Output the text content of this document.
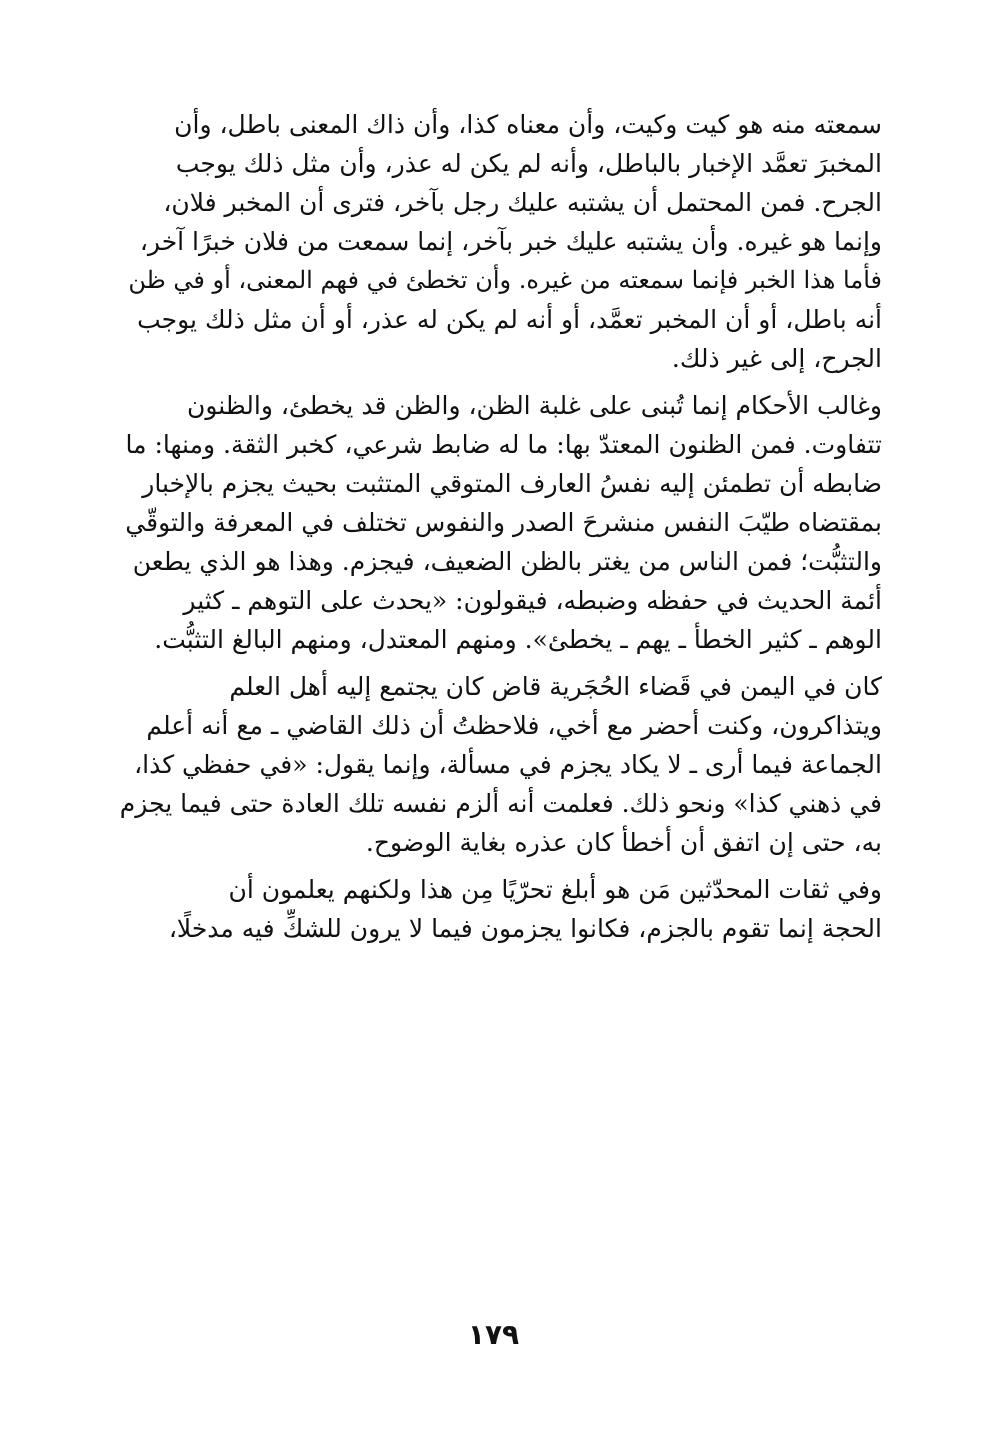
سمعته منه هو كيت وكيت، وأن معناه كذا، وأن ذاك المعنى باطل، وأن
المخبرَ تعمَّد الإخبار بالباطل، وأنه لم يكن له عذر، وأن مثل ذلك يوجب
الجرح. فمن المحتمل أن يشتبه عليك رجل بآخر، فترى أن المخبر فلان،
وإنما هو غيره. وأن يشتبه عليك خبر بآخر، إنما سمعت من فلان خبرًا آخر،
فأما هذا الخبر فإنما سمعته من غيره. وأن تخطئ في فهم المعنى، أو في ظن
أنه باطل، أو أن المخبر تعمَّد، أو أنه لم يكن له عذر، أو أن مثل ذلك يوجب
الجرح، إلى غير ذلك.

وغالب الأحكام إنما تُبنى على غلبة الظن، والظن قد يخطئ، والظنون
تتفاوت. فمن الظنون المعتدّ بها: ما له ضابط شرعي، كخبر الثقة. ومنها: ما
ضابطه أن تطمئن إليه نفسُ العارف المتوقي المتثبت بحيث يجزم بالإخبار
بمقتضاه طيّبَ النفس منشرحَ الصدر والنفوس تختلف في المعرفة والتوقّي
والتثبُّت؛ فمن الناس من يغتر بالظن الضعيف، فيجزم. وهذا هو الذي يطعن
أئمة الحديث في حفظه وضبطه، فيقولون: «يحدث على التوهم ـ كثير
الوهم ـ كثير الخطأ ـ يهم ـ يخطئ». ومنهم المعتدل، ومنهم البالغ التثبُّت.

كان في اليمن في قَضاء الحُجَرية قاض كان يجتمع إليه أهل العلم
ويتذاكرون، وكنت أحضر مع أخي، فلاحظتُ أن ذلك القاضي ـ مع أنه أعلم
الجماعة فيما أرى ـ لا يكاد يجزم في مسألة، وإنما يقول: «في حفظي كذا،
في ذهني كذا» ونحو ذلك. فعلمت أنه ألزم نفسه تلك العادة حتى فيما يجزم
به، حتى إن اتفق أن أخطأ كان عذره بغاية الوضوح.

وفي ثقات المحدّثين مَن هو أبلغ تحرّيًا مِن هذا ولكنهم يعلمون أن
الحجة إنما تقوم بالجزم، فكانوا يجزمون فيما لا يرون للشكِّ فيه مدخلًا،

١٧٩
